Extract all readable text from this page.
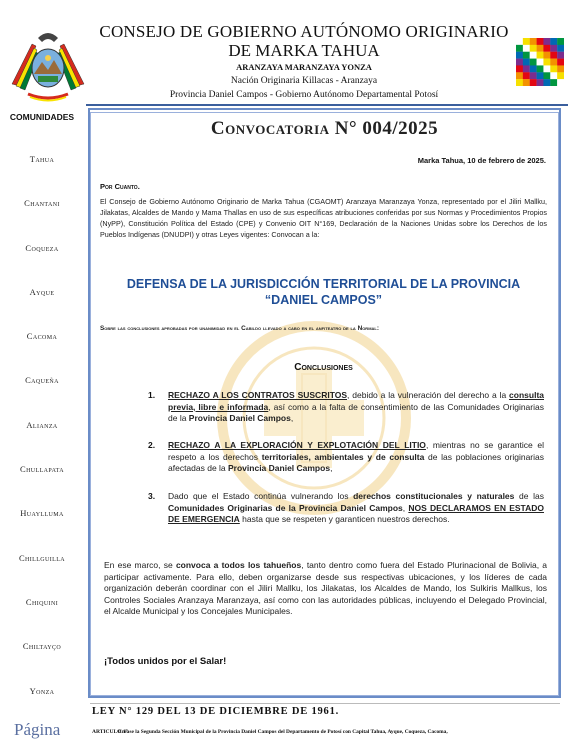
CONSEJO DE GOBIERNO AUTÓNOMO ORIGINARIO
DE MARKA TAHUA
ARANZAYA MARANZAYA YONZA
Nación Originaria Killacas - Aranzaya
Provincia Daniel Campos - Gobierno Autónomo Departamental Potosí
COMUNIDADES
Tahua
Chantani
Coqueza
Ayque
Cacoma
Caqueña
Alianza
Chullapata
Huaylluma
Chillguilla
Chiquini
Chiltayço
Yonza
Convocatoria N° 004/2025
Marka Tahua, 10 de febrero de 2025.
Por Cuanto.
El Consejo de Gobierno Autónomo Originario de Marka Tahua (CGAOMT) Aranzaya Maranzaya Yonza, representado por el Jiliri Mallku, Jilakatas, Alcaldes de Mando y Mama Thallas en uso de sus específicas atribuciones conferidas por sus Normas y Procedimientos Propios (NyPP), Constitución Política del Estado (CPE) y Convenio OIT N°169, Declaración de la Naciones Unidas sobre los Derechos de los Pueblos Indígenas (DNUDPI) y otras Leyes vigentes: Convocan a la:
DEFENSA DE LA JURISDICCIÓN TERRITORIAL DE LA PROVINCIA
“DANIEL CAMPOS”
Sobre las conclusiones aprobadas por unanimidad en el Cabildo llevado a cabo en el anfiteatro de la Normal:
Conclusiones
1. RECHAZO A LOS CONTRATOS SUSCRITOS, debido a la vulneración del derecho a la consulta previa, libre e informada, así como a la falta de consentimiento de las Comunidades Originarias de la Provincia Daniel Campos,
2. RECHAZO A LA EXPLORACIÓN Y EXPLOTACIÓN DEL LITIO, mientras no se garantice el respeto a los derechos territoriales, ambientales y de consulta de las poblaciones originarias afectadas de la Provincia Daniel Campos,
3. Dado que el Estado continúa vulnerando los derechos constitucionales y naturales de las Comunidades Originarias de la Provincia Daniel Campos, NOS DECLARAMOS EN ESTADO DE EMERGENCIA hasta que se respeten y garanticen nuestros derechos.
En ese marco, se convoca a todos los tahueños, tanto dentro como fuera del Estado Plurinacional de Bolivia, a participar activamente. Para ello, deben organizarse desde sus respectivas ubicaciones, y los líderes de cada organización deberán coordinar con el Jiliri Mallku, los Jilakatas, los Alcaldes de Mando, los Sulkiris Mallkus, los Controles Sociales Aranzaya Maranzaya, así como con las autoridades públicas, incluyendo el Delegado Provincial, el Alcalde Municipal y los Concejales Municipales.
¡Todos unidos por el Salar!
LEY N° 129 DEL 13 DE DICIEMBRE DE 1961.
Página	ARTICULO 1°
Créase la Segunda Sección Municipal de la Provincia Daniel Campos del Departamento de Potosí con Capital Tahua, Ayque, Coqueza, Cacoma,
